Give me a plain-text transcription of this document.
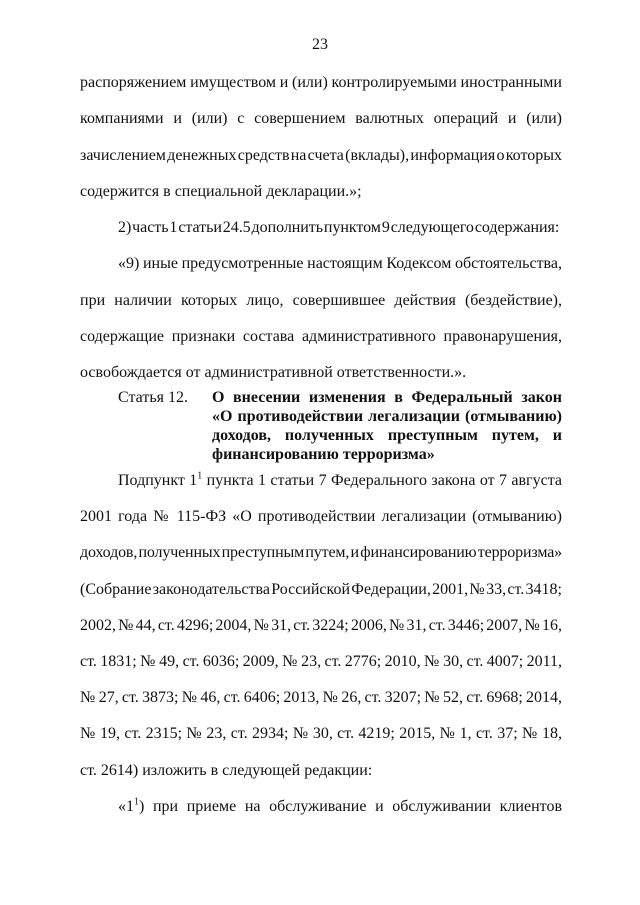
23
распоряжением имуществом и (или) контролируемыми иностранными
компаниями и (или) с совершением валютных операций и (или)
зачислением денежных средств на счета (вклады), информация о которых
содержится в специальной декларации.»;
2) часть 1 статьи 24.5 дополнить пунктом 9 следующего содержания:
«9) иные предусмотренные настоящим Кодексом обстоятельства,
при наличии которых лицо, совершившее действия (бездействие),
содержащие признаки состава административного правонарушения,
освобождается от административной ответственности.».
Статья 12. О внесении изменения в Федеральный закон
«О противодействии легализации (отмыванию)
доходов, полученных преступным путем, и
финансированию терроризма»
Подпункт $1^1$ пункта 1 статьи 7 Федерального закона от 7 августа
2001 года № 115-ФЗ «О противодействии легализации (отмыванию)
доходов, полученных преступным путем, и финансированию терроризма»
(Собрание законодательства Российской Федерации, 2001, № 33, ст. 3418;
2002, № 44, ст. 4296; 2004, № 31, ст. 3224; 2006, № 31, ст. 3446; 2007, № 16,
ст. 1831; № 49, ст. 6036; 2009, № 23, ст. 2776; 2010, № 30, ст. 4007; 2011,
№ 27, ст. 3873; № 46, ст. 6406; 2013, № 26, ст. 3207; № 52, ст. 6968; 2014,
№ 19, ст. 2315; № 23, ст. 2934; № 30, ст. 4219; 2015, № 1, ст. 37; № 18,
ст. 2614) изложить в следующей редакции:
«$1^1$) при приеме на обслуживание и обслуживании клиентов
